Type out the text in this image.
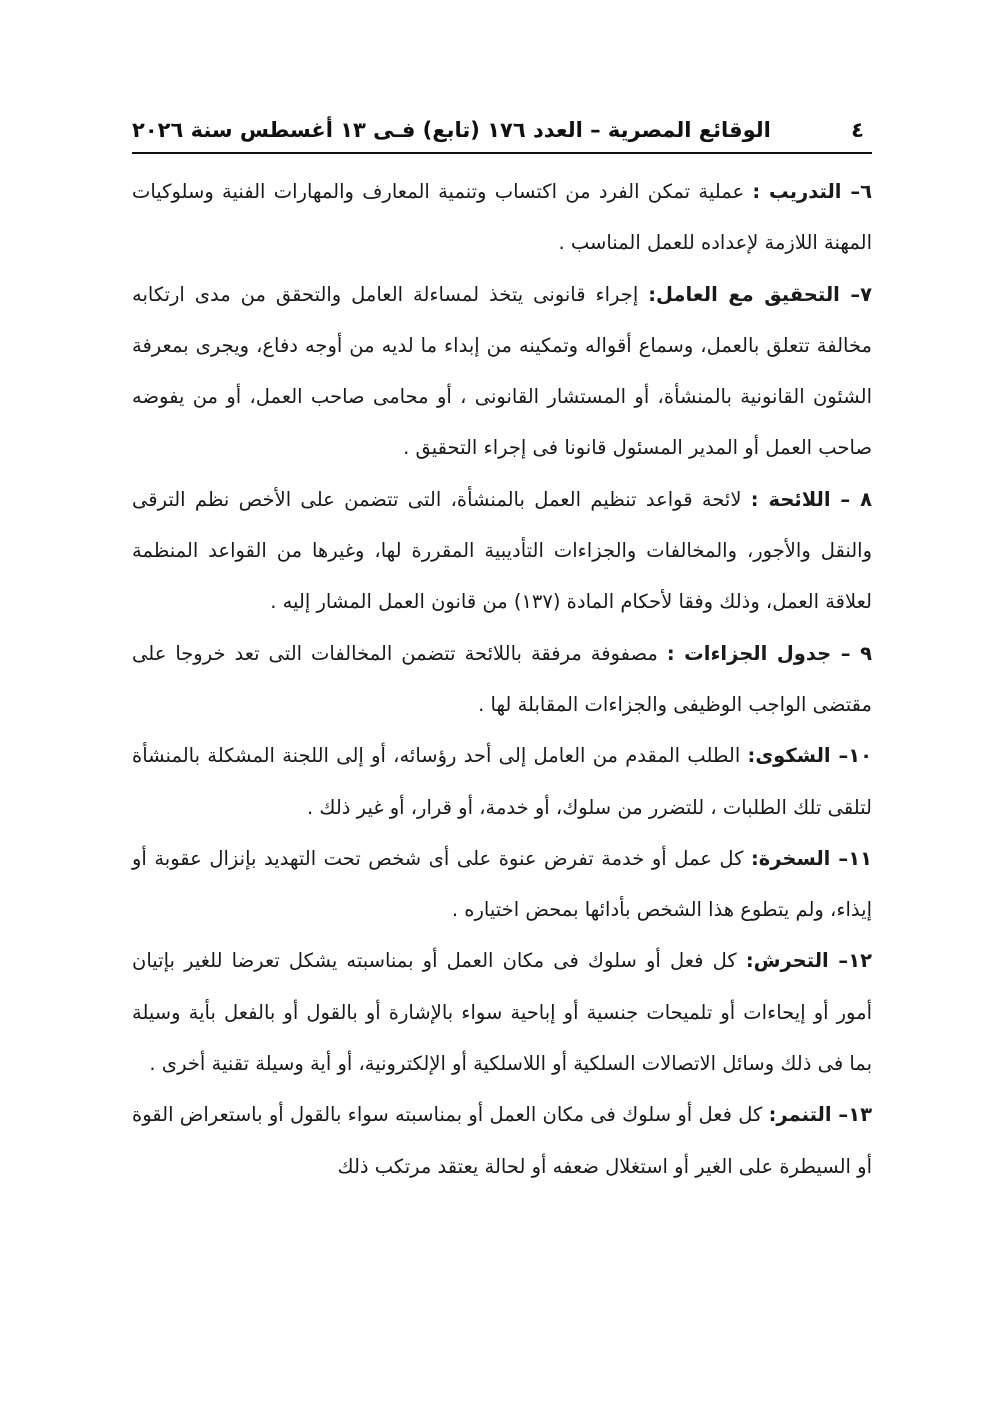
٤
الوقائع المصرية – العدد ١٧٦ (تابع) فـى ١٣ أغسطس سنة ٢٠٢٦

٦– التدريب : عملية تمكن الفرد من اكتساب وتنمية المعارف والمهارات الفنية وسلوكيات المهنة اللازمة لإعداده للعمل المناسب .

٧– التحقيق مع العامل: إجراء قانونى يتخذ لمساءلة العامل والتحقق من مدى ارتكابه مخالفة تتعلق بالعمل، وسماع أقواله وتمكينه من إبداء ما لديه من أوجه دفاع، ويجرى بمعرفة الشئون القانونية بالمنشأة، أو المستشار القانونى ، أو محامى صاحب العمل، أو من يفوضه صاحب العمل أو المدير المسئول قانونا فى إجراء التحقيق .

٨ – اللائحة : لائحة قواعد تنظيم العمل بالمنشأة، التى تتضمن على الأخص نظم الترقى والنقل والأجور، والمخالفات والجزاءات التأديبية المقررة لها، وغيرها من القواعد المنظمة لعلاقة العمل، وذلك وفقا لأحكام المادة (١٣٧) من قانون العمل المشار إليه .

٩ – جدول الجزاءات : مصفوفة مرفقة باللائحة تتضمن المخالفات التى تعد خروجا على مقتضى الواجب الوظيفى والجزاءات المقابلة لها .

١٠– الشكوى: الطلب المقدم من العامل إلى أحد رؤسائه، أو إلى اللجنة المشكلة بالمنشأة لتلقى تلك الطلبات ، للتضرر من سلوك، أو خدمة، أو قرار، أو غير ذلك .

١١– السخرة: كل عمل أو خدمة تفرض عنوة على أى شخص تحت التهديد بإنزال عقوبة أو إيذاء، ولم يتطوع هذا الشخص بأدائها بمحض اختياره .

١٢– التحرش: كل فعل أو سلوك فى مكان العمل أو بمناسبته يشكل تعرضا للغير بإتيان أمور أو إيحاءات أو تلميحات جنسية أو إباحية سواء بالإشارة أو بالقول أو بالفعل بأية وسيلة بما فى ذلك وسائل الاتصالات السلكية أو اللاسلكية أو الإلكترونية، أو أية وسيلة تقنية أخرى .

١٣– التنمر: كل فعل أو سلوك فى مكان العمل أو بمناسبته سواء بالقول أو باستعراض القوة أو السيطرة على الغير أو استغلال ضعفه أو لحالة يعتقد مرتكب ذلك
